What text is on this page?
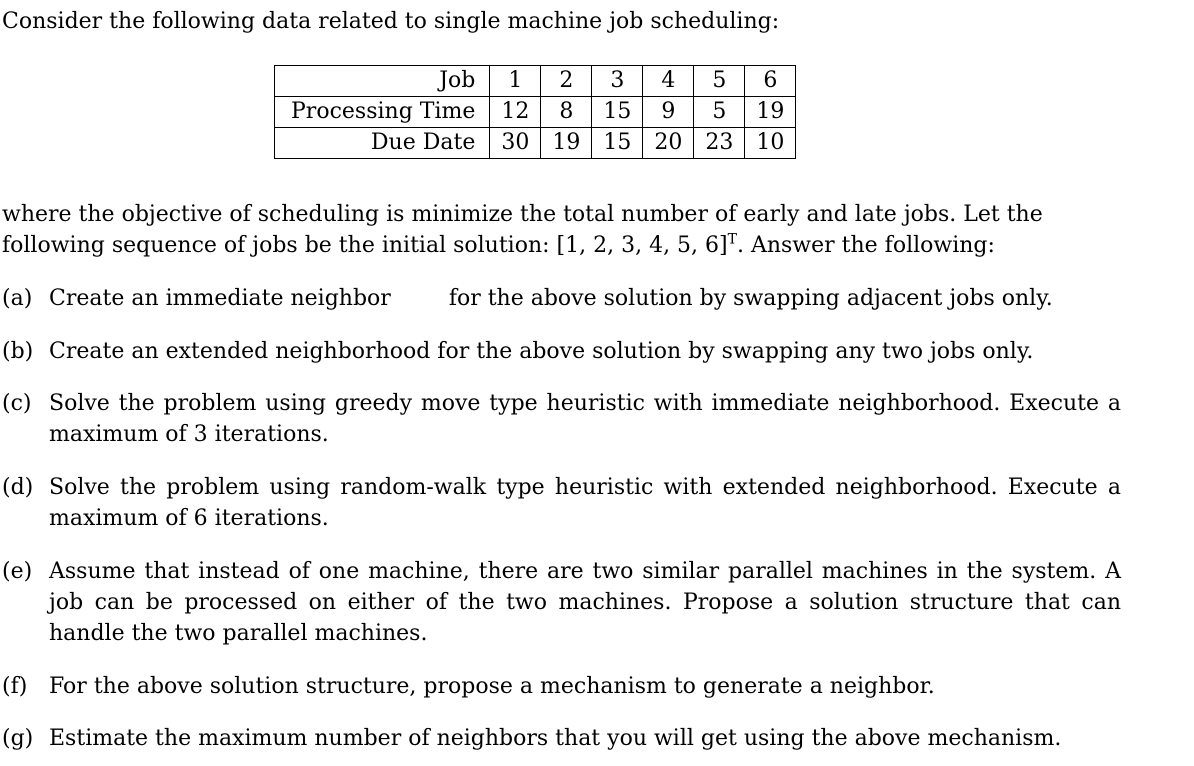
Consider the following data related to single machine job scheduling:
Job	1	2	3	4	5	6
Processing Time	12	8	15	9	5	19
Due Date	30	19	15	20	23	10
where the objective of scheduling is minimize the total number of early and late jobs. Let the
following sequence of jobs be the initial solution: [1, 2, 3, 4, 5, 6]$^T$. Answer the following:
(a) Create an immediate neighbor	for the above solution by swapping adjacent jobs only.
(b) Create an extended neighborhood for the above solution by swapping any two jobs only.
(c) Solve the problem using greedy move type heuristic with immediate neighborhood. Execute a maximum of 3 iterations.
(d) Solve the problem using random-walk type heuristic with extended neighborhood. Execute a maximum of 6 iterations.
(e) Assume that instead of one machine, there are two similar parallel machines in the system. A job can be processed on either of the two machines. Propose a solution structure that can handle the two parallel machines.
(f) For the above solution structure, propose a mechanism to generate a neighbor.
(g) Estimate the maximum number of neighbors that you will get using the above mechanism.
